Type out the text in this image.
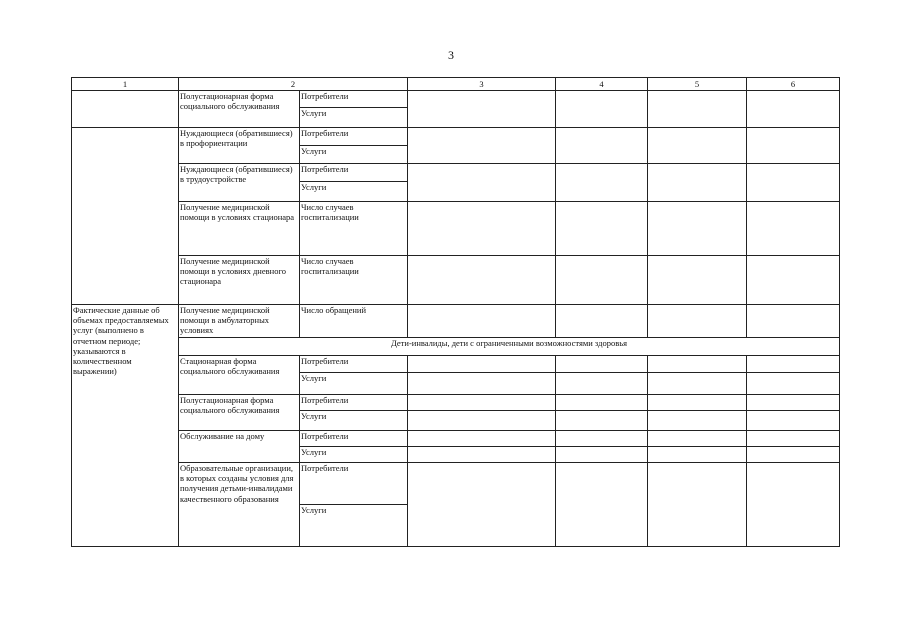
3
1	2		3	4	5	6
	Полустационарная форма социального обслуживания	Потребители				
		Услуги				
	Нуждающиеся (обратившиеся) в профориентации	Потребители				
		Услуги				
	Нуждающиеся (обратившиеся) в трудоустройстве	Потребители				
		Услуги				
	Получение медицинской помощи в условиях стационара	Число случаев госпитализации				
	Получение медицинской помощи в условиях дневного стационара	Число случаев госпитализации				

Фактические данные об объемах предоставляемых услуг (выполнено в отчетном периоде; указываются в количественном выражении)	Получение медицинской помощи в амбулаторных условиях	Число обращений				
	Дети-инвалиды, дети с ограниченными возможностями здоровья					
	Стационарная форма социального обслуживания	Потребители				
		Услуги				
	Полустационарная форма социального обслуживания	Потребители				
		Услуги				
	Обслуживание на дому	Потребители				
		Услуги				
	Образовательные организации, в которых созданы условия для получения детьми-инвалидами качественного образования	Потребители				
		Услуги				
